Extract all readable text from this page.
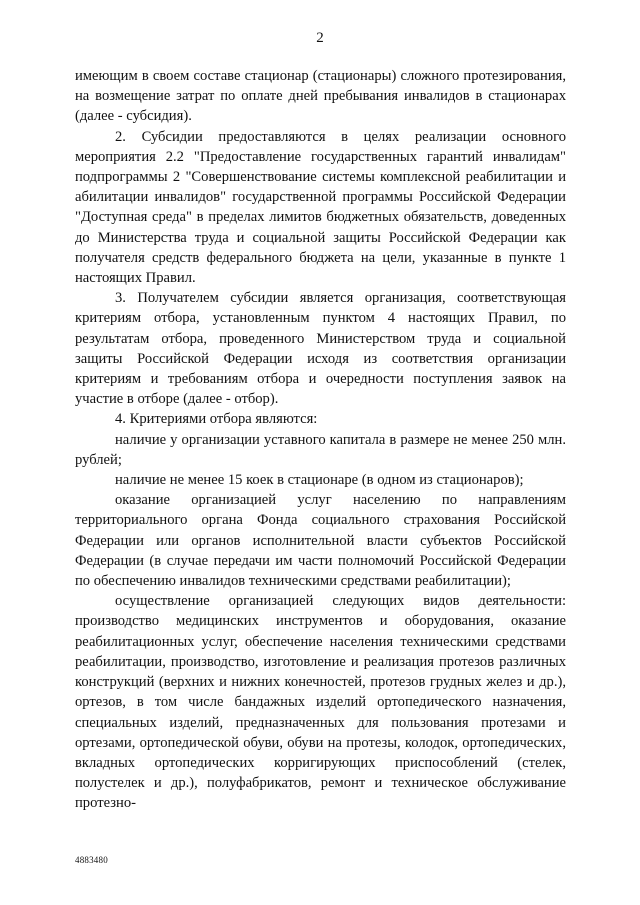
2

имеющим в своем составе стационар (стационары) сложного протезирования, на возмещение затрат по оплате дней пребывания инвалидов в стационарах (далее - субсидия).

2. Субсидии предоставляются в целях реализации основного мероприятия 2.2 "Предоставление государственных гарантий инвалидам" подпрограммы 2 "Совершенствование системы комплексной реабилитации и абилитации инвалидов" государственной программы Российской Федерации "Доступная среда" в пределах лимитов бюджетных обязательств, доведенных до Министерства труда и социальной защиты Российской Федерации как получателя средств федерального бюджета на цели, указанные в пункте 1 настоящих Правил.

3. Получателем субсидии является организация, соответствующая критериям отбора, установленным пунктом 4 настоящих Правил, по результатам отбора, проведенного Министерством труда и социальной защиты Российской Федерации исходя из соответствия организации критериям и требованиям отбора и очередности поступления заявок на участие в отборе (далее - отбор).

4. Критериями отбора являются:

наличие у организации уставного капитала в размере не менее 250 млн. рублей;

наличие не менее 15 коек в стационаре (в одном из стационаров);

оказание организацией услуг населению по направлениям территориального органа Фонда социального страхования Российской Федерации или органов исполнительной власти субъектов Российской Федерации (в случае передачи им части полномочий Российской Федерации по обеспечению инвалидов техническими средствами реабилитации);

осуществление организацией следующих видов деятельности: производство медицинских инструментов и оборудования, оказание реабилитационных услуг, обеспечение населения техническими средствами реабилитации, производство, изготовление и реализация протезов различных конструкций (верхних и нижних конечностей, протезов грудных желез и др.), ортезов, в том числе бандажных изделий ортопедического назначения, специальных изделий, предназначенных для пользования протезами и ортезами, ортопедической обуви, обуви на протезы, колодок, ортопедических, вкладных ортопедических корригирующих приспособлений (стелек, полустелек и др.), полуфабрикатов, ремонт и техническое обслуживание протезно-

4883480
